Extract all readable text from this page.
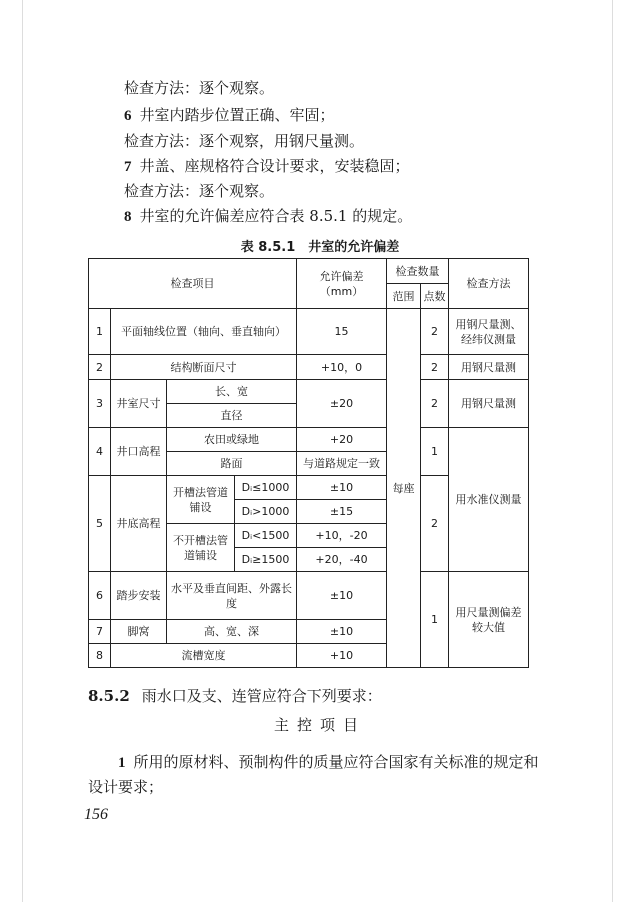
检查方法：逐个观察。
6 井室内踏步位置正确、牢固；
检查方法：逐个观察，用钢尺量测。
7 井盖、座规格符合设计要求，安装稳固；
检查方法：逐个观察。
8 井室的允许偏差应符合表 8.5.1 的规定。
表 8.5.1　井室的允许偏差
检查项目				允许偏差
（mm）	检查数量		检查方法
					范围	点数	
1	平面轴线位置（轴向、垂直轴向）			15	每座	2	用钢尺量测、经纬仪测量
2	结构断面尺寸			+10，0		2	用钢尺量测
3	井室尺寸	长、宽		±20		2	用钢尺量测
		直径					
4	井口高程	农田或绿地		+20		1	用水准仪测量
		路面		与道路规定一致			
5	井底高程	开槽法管道铺设	Dᵢ≤1000	±10		2	
			Dᵢ>1000	±15			
		不开槽法管道铺设	Dᵢ<1500	+10，-20			
			Dᵢ≥1500	+20，-40			
6	踏步安装	水平及垂直间距、外露长度		±10		1	用尺量测偏差较大值
7	脚窝	高、宽、深		±10			
8	流槽宽度			+10			
8.5.2 雨水口及支、连管应符合下列要求：
主控项目
1 所用的原材料、预制构件的质量应符合国家有关标准的规定和设计要求；
156
